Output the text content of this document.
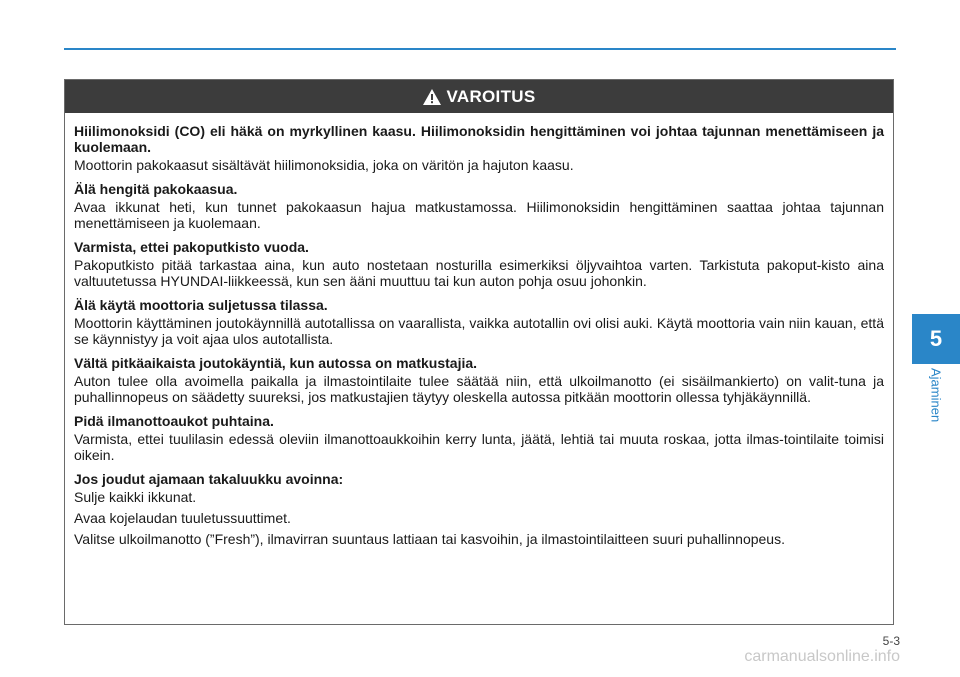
5
Ajaminen
VAROITUS
Hiilimonoksidi (CO) eli häkä on myrkyllinen kaasu. Hiilimonoksidin hengittäminen voi johtaa tajunnan menettämiseen ja kuolemaan.

Moottorin pakokaasut sisältävät hiilimonoksidia, joka on väritön ja hajuton kaasu.

Älä hengitä pakokaasua.

Avaa ikkunat heti, kun tunnet pakokaasun hajua matkustamossa. Hiilimonoksidin hengittäminen saattaa johtaa tajunnan menettämiseen ja kuolemaan.

Varmista, ettei pakoputkisto vuoda.

Pakoputkisto pitää tarkastaa aina, kun auto nostetaan nosturilla esimerkiksi öljyvaihtoa varten. Tarkistuta pakoput-kisto aina valtuutetussa HYUNDAI-liikkeessä, kun sen ääni muuttuu tai kun auton pohja osuu johonkin.

Älä käytä moottoria suljetussa tilassa.

Moottorin käyttäminen joutokäynnillä autotallissa on vaarallista, vaikka autotallin ovi olisi auki. Käytä moottoria vain niin kauan, että se käynnistyy ja voit ajaa ulos autotallista.

Vältä pitkäaikaista joutokäyntiä, kun autossa on matkustajia.

Auton tulee olla avoimella paikalla ja ilmastointilaite tulee säätää niin, että ulkoilmanotto (ei sisäilmankierto) on valit-tuna ja puhallinnopeus on säädetty suureksi, jos matkustajien täytyy oleskella autossa pitkään moottorin ollessa tyhjäkäynnillä.

Pidä ilmanottoaukot puhtaina.

Varmista, ettei tuulilasin edessä oleviin ilmanottoaukkoihin kerry lunta, jäätä, lehtiä tai muuta roskaa, jotta ilmas-tointilaite toimisi oikein.

Jos joudut ajamaan takaluukku avoinna:

Sulje kaikki ikkunat.

Avaa kojelaudan tuuletussuuttimet.

Valitse ulkoilmanotto (”Fresh”), ilmavirran suuntaus lattiaan tai kasvoihin, ja ilmastointilaitteen suuri puhallinnopeus.

5-3
carmanualsonline.info
